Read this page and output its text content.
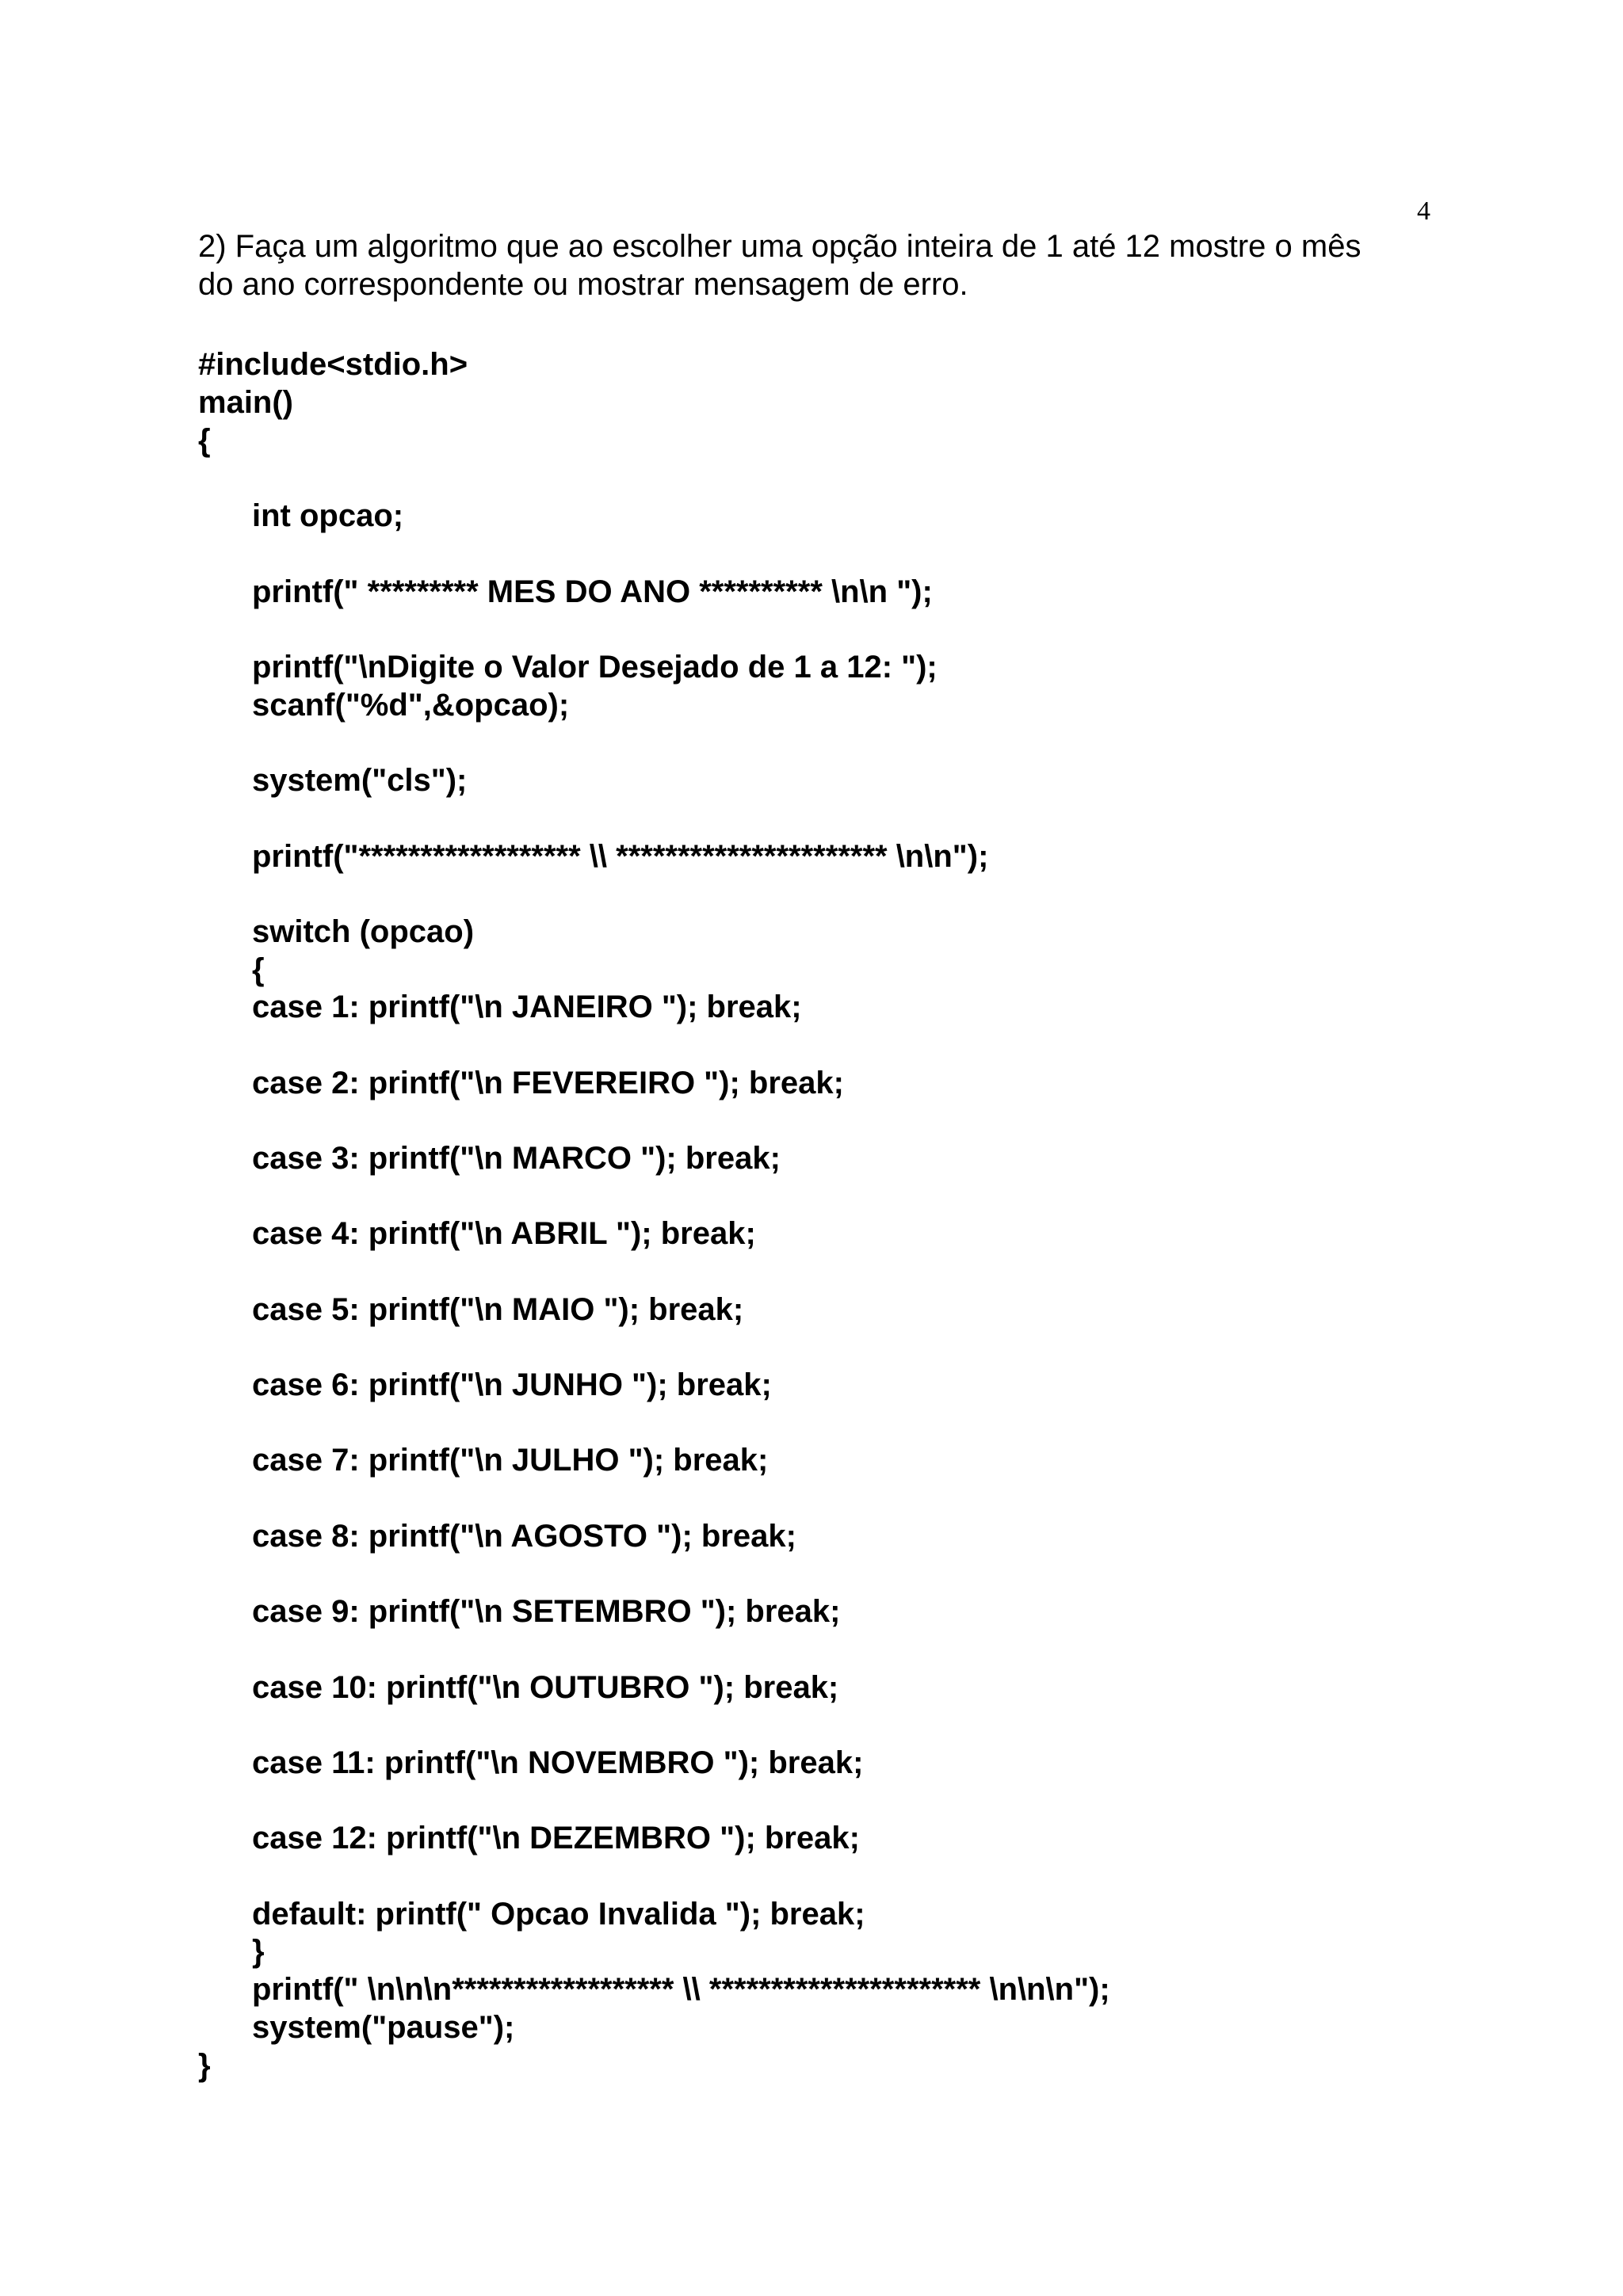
4
2) Faça um algoritmo que ao escolher uma opção inteira de 1 até 12 mostre o mês
do ano correspondente ou mostrar mensagem de erro.
#include<stdio.h>
main()
{
int opcao;
printf(" ********* MES DO ANO ********** \n\n ");
printf("\nDigite o Valor Desejado de 1 a 12: ");
scanf("%d",&opcao);
system("cls");
printf("****************** \\ ********************** \n\n");
switch (opcao)
{
case 1: printf("\n JANEIRO "); break;
case 2: printf("\n FEVEREIRO "); break;
case 3: printf("\n MARCO "); break;
case 4: printf("\n ABRIL "); break;
case 5: printf("\n MAIO "); break;
case 6: printf("\n JUNHO "); break;
case 7: printf("\n JULHO "); break;
case 8: printf("\n AGOSTO "); break;
case 9: printf("\n SETEMBRO "); break;
case 10: printf("\n OUTUBRO "); break;
case 11: printf("\n NOVEMBRO "); break;
case 12: printf("\n DEZEMBRO "); break;
default: printf(" Opcao Invalida "); break;
}
printf(" \n\n\n****************** \\ ********************** \n\n\n");
system("pause");
}
